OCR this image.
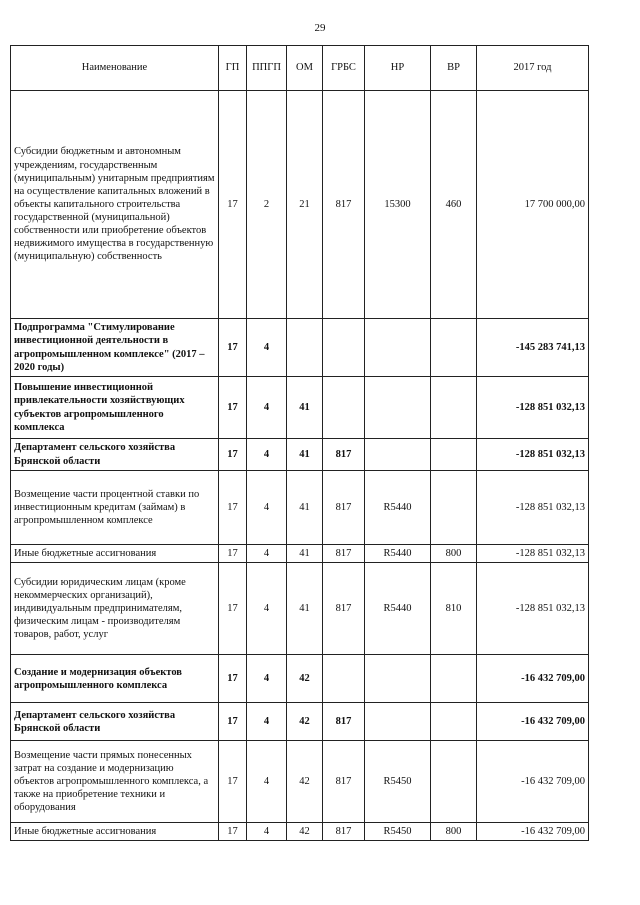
29
Наименование	ГП	ППГП	ОМ	ГРБС	НР	ВР	2017 год
Субсидии бюджетным и автономным учреждениям, государственным (муниципальным) унитарным предприятиям на осуществление капитальных вложений в объекты капитального строительства государственной (муниципальной) собственности или приобретение объектов недвижимого имущества в государственную (муниципальную) собственность	17	2	21	817	15300	460	17 700 000,00
Подпрограмма "Стимулирование инвестиционной деятельности в агропромышленном комплексе" (2017 – 2020 годы)	17	4					-145 283 741,13
Повышение инвестиционной привлекательности хозяйствующих субъектов агропромышленного комплекса	17	4	41				-128 851 032,13
Департамент сельского хозяйства Брянской области	17	4	41	817			-128 851 032,13
Возмещение части процентной ставки по инвестиционным кредитам (займам) в агропромышленном комплексе	17	4	41	817	R5440		-128 851 032,13
Иные бюджетные ассигнования	17	4	41	817	R5440	800	-128 851 032,13
Субсидии юридическим лицам (кроме некоммерческих организаций), индивидуальным предпринимателям, физическим лицам - производителям товаров, работ, услуг	17	4	41	817	R5440	810	-128 851 032,13
Создание и модернизация объектов агропромышленного комплекса	17	4	42				-16 432 709,00
Департамент сельского хозяйства Брянской области	17	4	42	817			-16 432 709,00
Возмещение части прямых понесенных затрат на создание и модернизацию объектов агропромышленного комплекса, а также на приобретение техники и оборудования	17	4	42	817	R5450		-16 432 709,00
Иные бюджетные ассигнования	17	4	42	817	R5450	800	-16 432 709,00
